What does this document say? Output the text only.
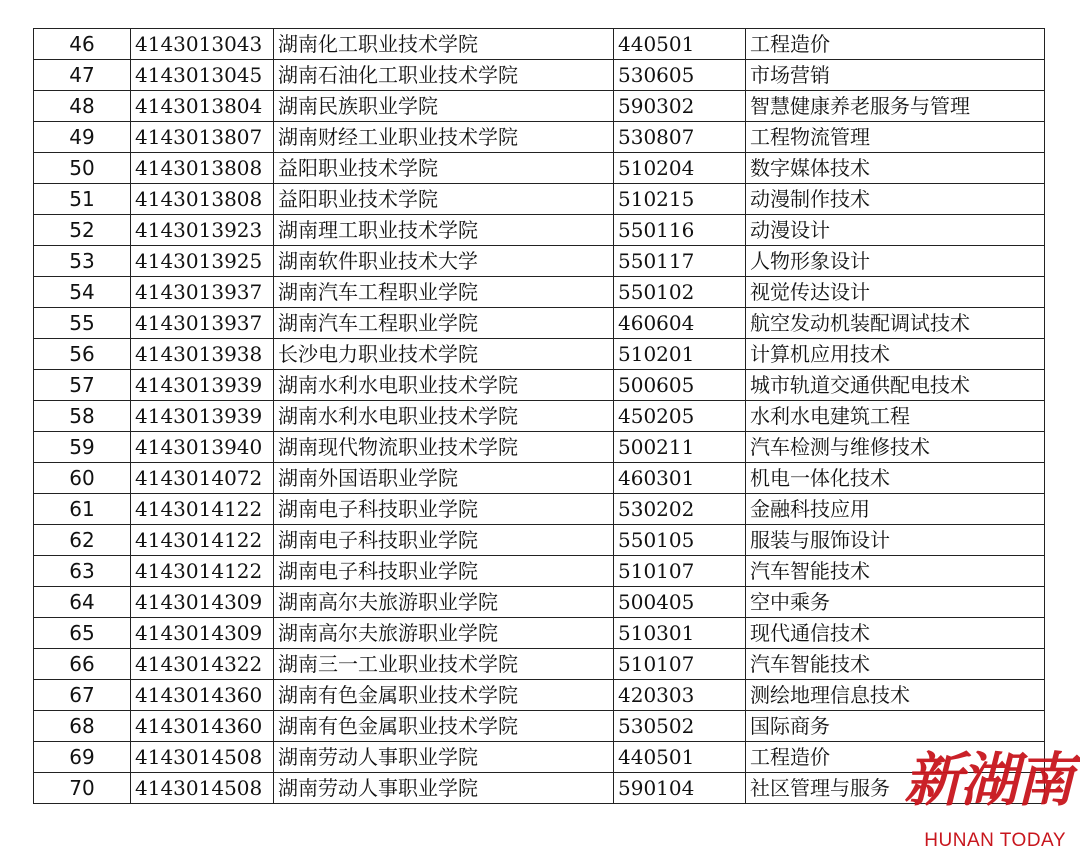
46	4143013043	湖南化工职业技术学院	440501	工程造价
47	4143013045	湖南石油化工职业技术学院	530605	市场营销
48	4143013804	湖南民族职业学院	590302	智慧健康养老服务与管理
49	4143013807	湖南财经工业职业技术学院	530807	工程物流管理
50	4143013808	益阳职业技术学院	510204	数字媒体技术
51	4143013808	益阳职业技术学院	510215	动漫制作技术
52	4143013923	湖南理工职业技术学院	550116	动漫设计
53	4143013925	湖南软件职业技术大学	550117	人物形象设计
54	4143013937	湖南汽车工程职业学院	550102	视觉传达设计
55	4143013937	湖南汽车工程职业学院	460604	航空发动机装配调试技术
56	4143013938	长沙电力职业技术学院	510201	计算机应用技术
57	4143013939	湖南水利水电职业技术学院	500605	城市轨道交通供配电技术
58	4143013939	湖南水利水电职业技术学院	450205	水利水电建筑工程
59	4143013940	湖南现代物流职业技术学院	500211	汽车检测与维修技术
60	4143014072	湖南外国语职业学院	460301	机电一体化技术
61	4143014122	湖南电子科技职业学院	530202	金融科技应用
62	4143014122	湖南电子科技职业学院	550105	服装与服饰设计
63	4143014122	湖南电子科技职业学院	510107	汽车智能技术
64	4143014309	湖南高尔夫旅游职业学院	500405	空中乘务
65	4143014309	湖南高尔夫旅游职业学院	510301	现代通信技术
66	4143014322	湖南三一工业职业技术学院	510107	汽车智能技术
67	4143014360	湖南有色金属职业技术学院	420303	测绘地理信息技术
68	4143014360	湖南有色金属职业技术学院	530502	国际商务
69	4143014508	湖南劳动人事职业学院	440501	工程造价
70	4143014508	湖南劳动人事职业学院	590104	社区管理与服务 新湖南
HUNAN TODAY
